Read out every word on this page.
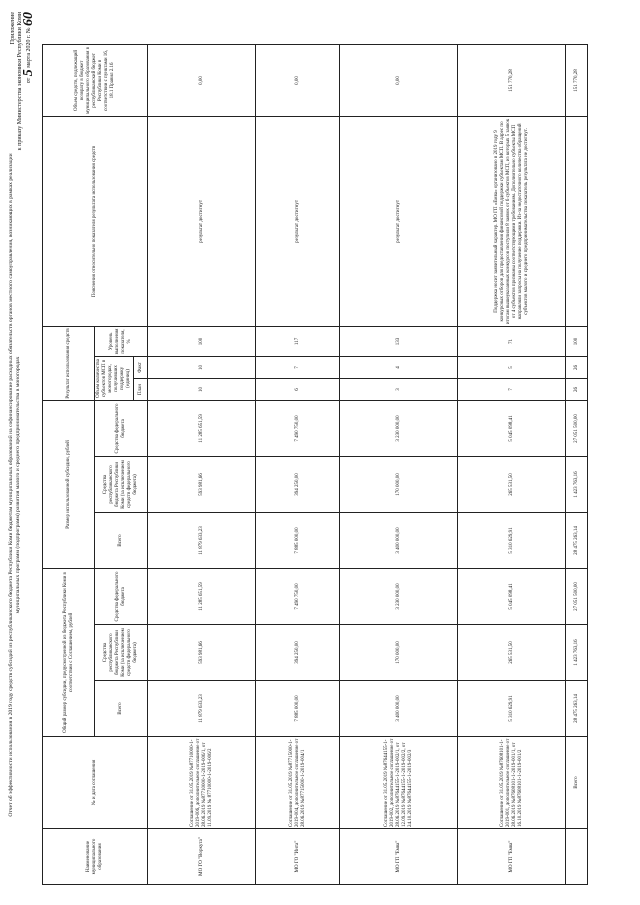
Приложение к приказу Министерства экономики Республики Коми от 5 марта 2020 г. № 60
Отчет об эффективности использования в 2019 году средств субсидий из республиканского бюджета Республики Коми бюджетам муниципальных образований на софинансирование расходных обязательств органов местного самоуправления, возникающих в рамках реализации муниципальных программ (подпрограмм) развития малого и среднего предпринимательства в моногородах
Наименование муниципального образования	№ и дата соглашения	Общий размер субсидии, предусмотренной из бюджета Республики Коми в соответствии с Соглашением, рублей			Размер использованной субсидии, рублей			Результат использования средств			Пояснения относительно показателя результата использования средств	Объем средств, подлежащий возврату в бюджет муниципального образования в республиканский бюджет Республики Коми в соответствии с пунктами 16, 18.1 Правил 2.16
		Всего	Средства республиканского бюджета Республики Коми (за исключением средств федерального бюджета)	Средства федерального бюджета	Всего	Средства республиканского бюджета Республики Коми (за исключением средств федерального бюджета)	Средства федерального бюджета	Объем количества субъектов МСП в моногородах, получивших поддержку (единиц)		Уровень выполнения показателя, %		
								План	Факт			
МО ГО "Воркута"	Соглашение от 31.05.2019 №87710000-1-2019-006, дополнительное соглашение от 28.06.2019 №87710000-1-2019-006/1, от 11.09.2019 № 87710000-1-2019-006/2	11 879 633,23	593 981,66	11 285 651,59	11 879 633,23	593 981,66	11 285 651,59	10	10	100	результат достигнут	0,00
МО ГО "Инта"	Соглашение от 31.05.2019 №87715000-1-2019-004, дополнительное соглашение от 28.06.2019 №87715000-1-2019-004/1	7 885 000,00	394 250,00	7 490 750,00	7 885 000,00	394 250,00	7 490 750,00	6	7	117	результат достигнут	0,00
МО ГП "Емва"	Соглашение от 31.05.2019 №87644155-1-2019-002, дополнительное соглашение от 28.06.2019 №87644155-1-2019-002/1, от 12.09.2019 №87644155-1-2019-002/2, от 24.10.2019 №87644155-1-2019-002/3	3 400 000,00	170 000,00	3 230 000,00	3 400 000,00	170 000,00	3 230 000,00	3	4	133	результат достигнут	0,00
МО ГП "Емва"	Соглашение от 31.05.2019 №87608101-1-2019-001, дополнительное соглашение от 28.06.2019 №87608101-1-2019-001/1, от 16.10.2019 №87608101-1-2019-001/2	5 310 629,91	265 531,50	5 045 098,41	5 310 629,91	265 531,50	5 045 098,41	7	5	71	Поддержка носит заявительный характер. МО ГП «Емва» организовано в 2019 году 9 конкурсных отборов для предоставления финансовой поддержки субъектам МСП. В адрес по итогам вышеуказанных конкурсов поступили 8 заявок от 6 субъектов МСП, из которых 5 заявок от 4 субъектов признаны соответствующими требованиям. Дополнительно субъекты МСП направляли запросы на получение поддержки. Из-за недостаточного количества обращений субъектов малого и среднего предпринимательства показатель результата не достигнут.	151 770,28
	Всего	28 475 263,14	1 423 763,16	27 051 500,00	28 475 263,14	1 423 763,16	27 051 500,00	26	26	100		151 770,28
